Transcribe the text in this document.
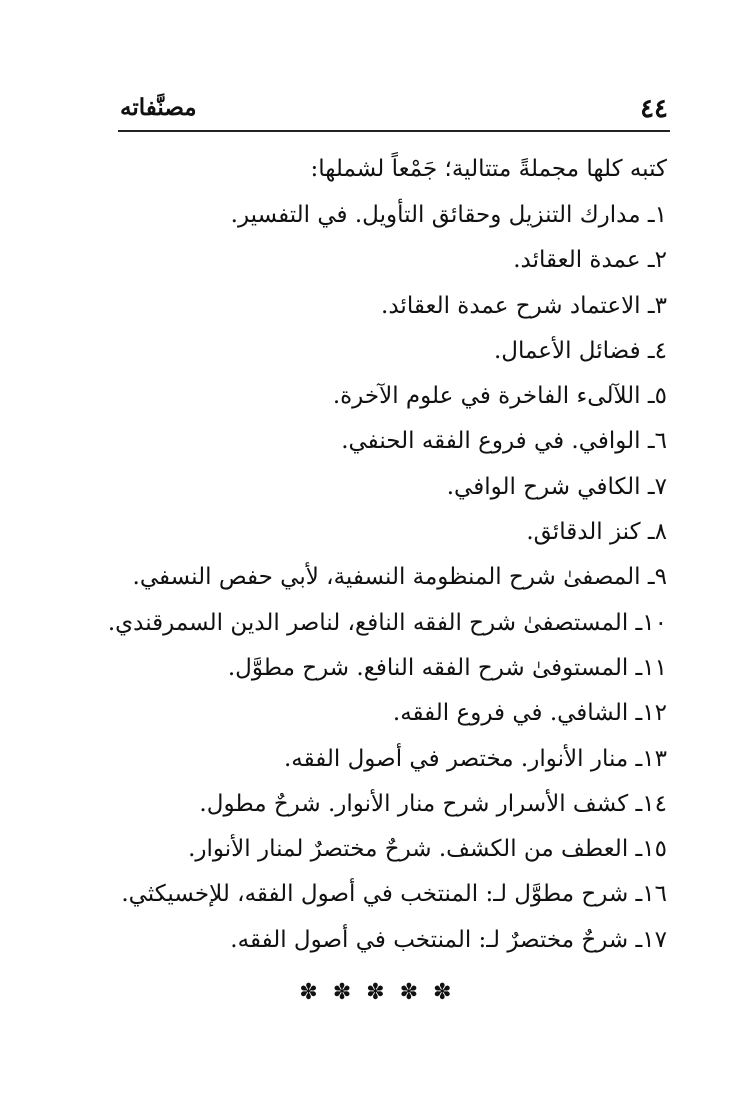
٤٤
مصنَّفاته
كتبه كلها مجملةً متتالية؛ جَمْعاً لشملها:
١ـ مدارك التنزيل وحقائق التأويل. في التفسير.
٢ـ عمدة العقائد.
٣ـ الاعتماد شرح عمدة العقائد.
٤ـ فضائل الأعمال.
٥ـ اللآلىء الفاخرة في علوم الآخرة.
٦ـ الوافي. في فروع الفقه الحنفي.
٧ـ الكافي شرح الوافي.
٨ـ كنز الدقائق.
٩ـ المصفىٰ شرح المنظومة النسفية، لأبي حفص النسفي.
١٠ـ المستصفىٰ شرح الفقه النافع، لناصر الدين السمرقندي.
١١ـ المستوفىٰ شرح الفقه النافع. شرح مطوَّل.
١٢ـ الشافي. في فروع الفقه.
١٣ـ منار الأنوار. مختصر في أصول الفقه.
١٤ـ كشف الأسرار شرح منار الأنوار. شرحٌ مطول.
١٥ـ العطف من الكشف. شرحٌ مختصرٌ لمنار الأنوار.
١٦ـ شرح مطوَّل لـ: المنتخب في أصول الفقه، للإخسيكثي.
١٧ـ شرحٌ مختصرٌ لـ: المنتخب في أصول الفقه.
✽ ✽ ✽ ✽ ✽
